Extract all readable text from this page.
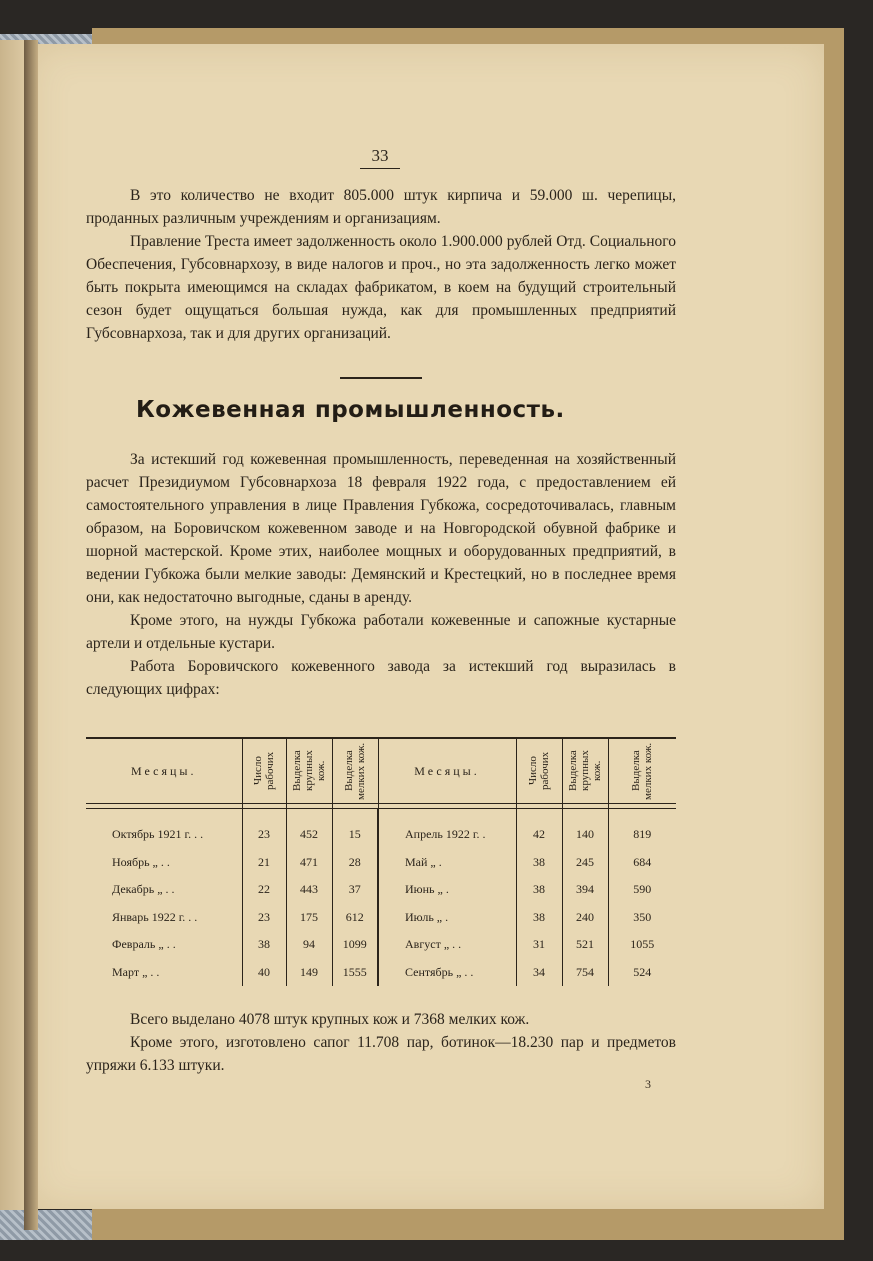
33

В это количество не входит 805.000 штук кирпича и 59.000 ш. черепицы, проданных различным учреждениям и организациям.

Правление Треста имеет задолженность около 1.900.000 рублей Отд. Социального Обеспечения, Губсовнархозу, в виде налогов и проч., но эта задолженность легко может быть покрыта имеющимся на складах фабрикатом, в коем на будущий строительный сезон будет ощущаться большая нужда, как для промышленных предприятий Губсовнархоза, так и для других организаций.

Кожевенная промышленность.

За истекший год кожевенная промышленность, переведенная на хозяйственный расчет Президиумом Губсовнархоза 18 февраля 1922 года, с предоставлением ей самостоятельного управления в лице Правления Губкожа, сосредоточивалась, главным образом, на Боровичском кожевенном заводе и на Новгородской обувной фабрике и шорной мастерской. Кроме этих, наиболее мощных и оборудованных предприятий, в ведении Губкожа были мелкие заводы: Демянский и Крестецкий, но в последнее время они, как недостаточно выгодные, сданы в аренду.

Кроме этого, на нужды Губкожа работали кожевенные и сапожные кустарные артели и отдельные кустари.

Работа Боровичского кожевенного завода за истекший год выразилась в следующих цифрах:

Месяцы.	Число рабочих	Выделка крупных кож.	Выделка мелких кож.	Месяцы.	Число рабочих	Выделка крупных кож.	Выделка мелких кож.

Октябрь 1921 г. . .	23	452	15	Апрель 1922 г. .	42	140	819
Ноябрь „ . .	21	471	28	Май „ .	38	245	684
Декабрь „ . .	22	443	37	Июнь „ .	38	394	590
Январь 1922 г. . .	23	175	612	Июль „ .	38	240	350
Февраль „ . .	38	94	1099	Август „ . .	31	521	1055
Март „ . .	40	149	1555	Сентябрь „ . .	34	754	524

Всего выделано 4078 штук крупных кож и 7368 мелких кож.

Кроме этого, изготовлено сапог 11.708 пар, ботинок—18.230 пар и предметов упряжи 6.133 штуки.

3
